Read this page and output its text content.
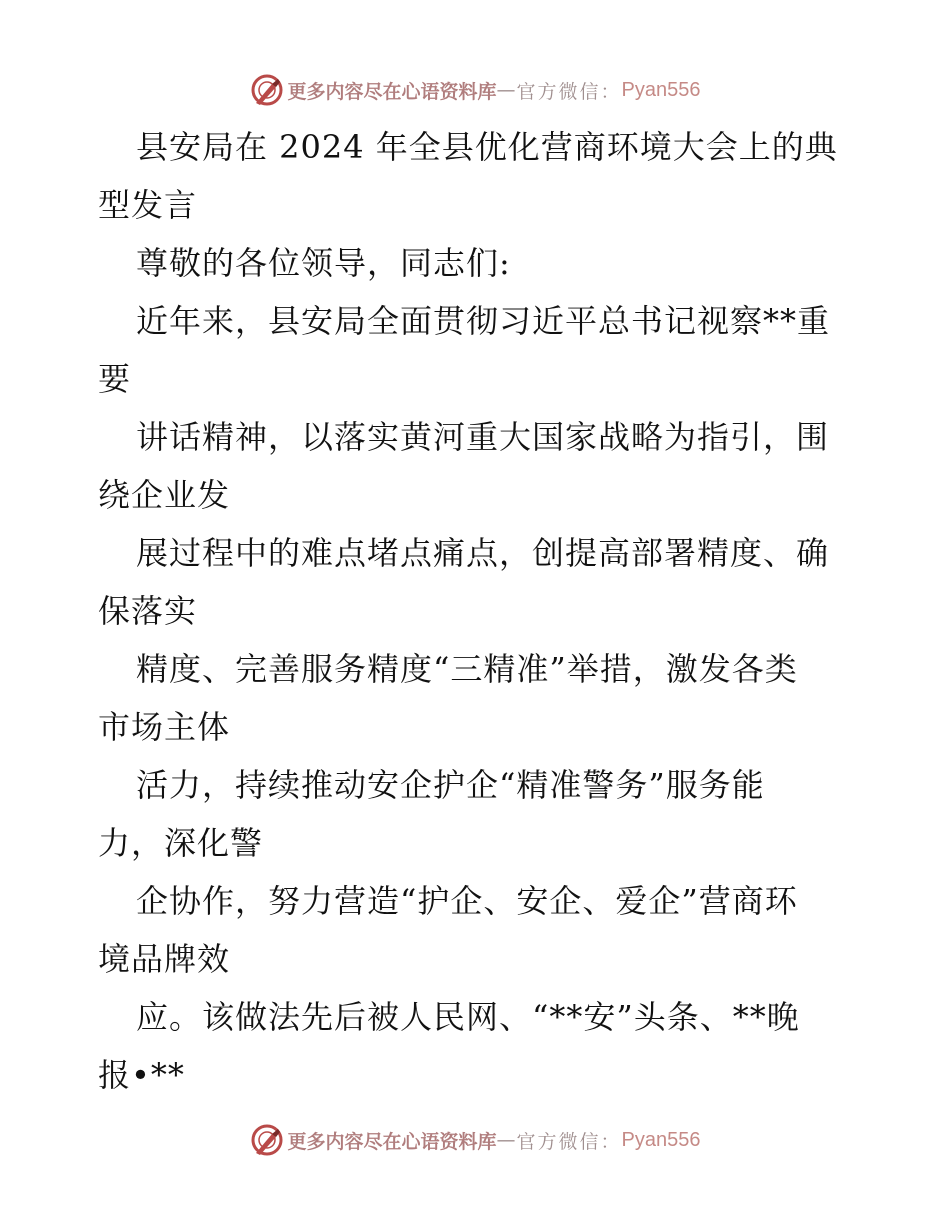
更多内容尽在心语资料库 — 官方微信： Pyan556

县安局在 2024 年全县优化营商环境大会上的典
型发言

尊敬的各位领导，同志们:

近年来，县安局全面贯彻习近平总书记视察**重
要

讲话精神，以落实黄河重大国家战略为指引，围
绕企业发

展过程中的难点堵点痛点，创提高部署精度、确
保落实

精度、完善服务精度“三精准”举措，激发各类
市场主体

活力，持续推动安企护企“精准警务”服务能
力，深化警

企协作，努力营造“护企、安企、爱企”营商环
境品牌效

应。该做法先后被人民网、“**安”头条、**晚
报•**

更多内容尽在心语资料库 — 官方微信： Pyan556
